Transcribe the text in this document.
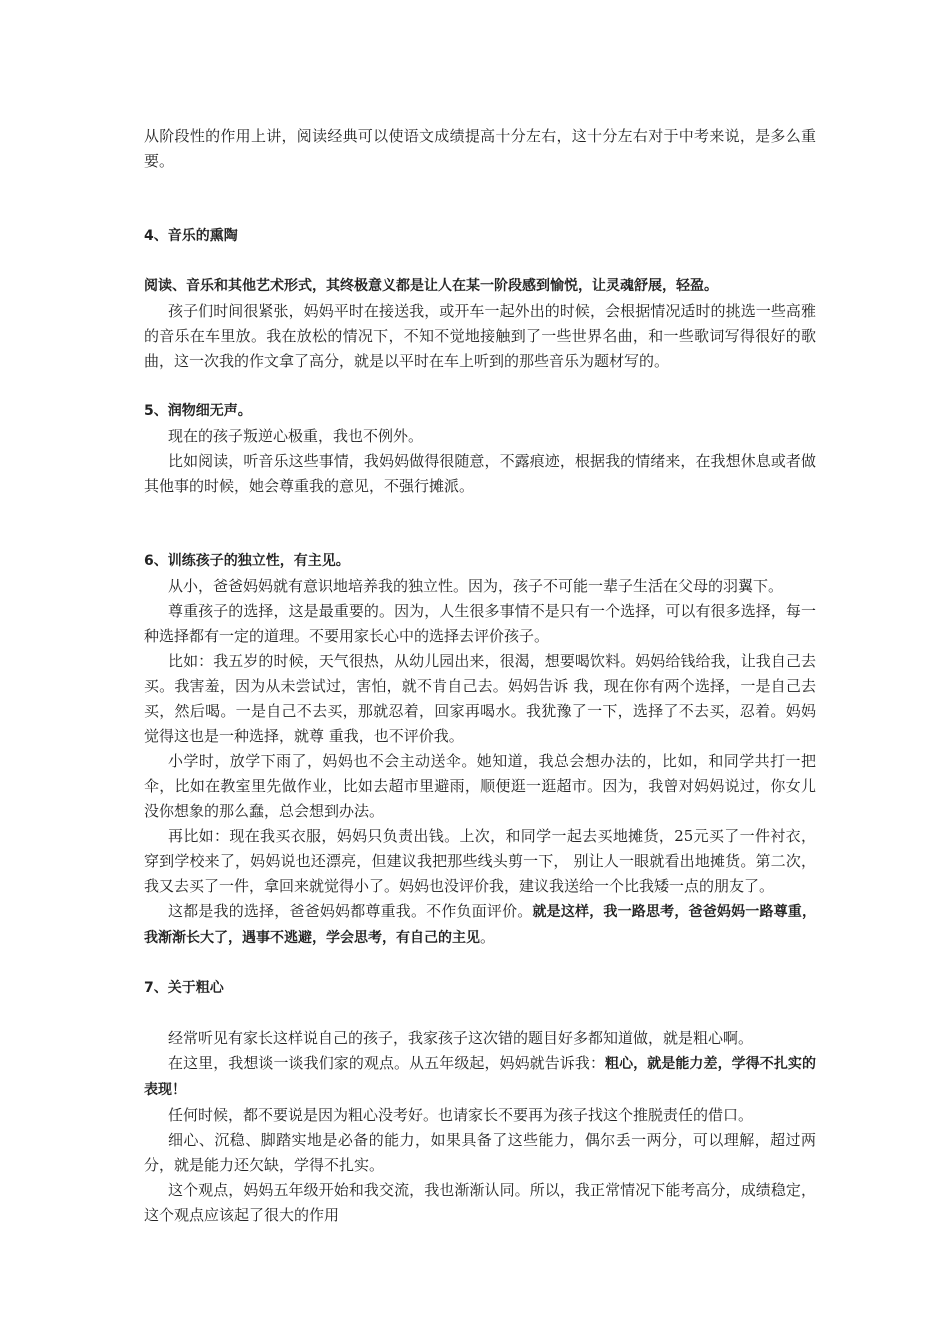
从阶段性的作用上讲，阅读经典可以使语文成绩提高十分左右，这十分左右对于中考来说，是多么重要。

4、音乐的熏陶

阅读、音乐和其他艺术形式，其终极意义都是让人在某一阶段感到愉悦，让灵魂舒展，轻盈。

孩子们时间很紧张，妈妈平时在接送我，或开车一起外出的时候，会根据情况适时的挑选一些高雅的音乐在车里放。我在放松的情况下，不知不觉地接触到了一些世界名曲，和一些歌词写得很好的歌曲，这一次我的作文拿了高分，就是以平时在车上听到的那些音乐为题材写的。

5、润物细无声。

现在的孩子叛逆心极重，我也不例外。

比如阅读，听音乐这些事情，我妈妈做得很随意，不露痕迹，根据我的情绪来，在我想休息或者做其他事的时候，她会尊重我的意见，不强行摊派。

6、训练孩子的独立性，有主见。

从小，爸爸妈妈就有意识地培养我的独立性。因为，孩子不可能一辈子生活在父母的羽翼下。

尊重孩子的选择，这是最重要的。因为，人生很多事情不是只有一个选择，可以有很多选择，每一种选择都有一定的道理。不要用家长心中的选择去评价孩子。

比如：我五岁的时候，天气很热，从幼儿园出来，很渴，想要喝饮料。妈妈给钱给我，让我自己去买。我害羞，因为从未尝试过，害怕，就不肯自己去。妈妈告诉 我，现在你有两个选择，一是自己去买，然后喝。一是自己不去买，那就忍着，回家再喝水。我犹豫了一下，选择了不去买，忍着。妈妈觉得这也是一种选择，就尊 重我，也不评价我。

小学时，放学下雨了，妈妈也不会主动送伞。她知道，我总会想办法的，比如，和同学共打一把伞，比如在教室里先做作业，比如去超市里避雨，顺便逛一逛超市。因为，我曾对妈妈说过，你女儿没你想象的那么蠢，总会想到办法。

再比如：现在我买衣服，妈妈只负责出钱。上次，和同学一起去买地摊货，25元买了一件衬衣，穿到学校来了，妈妈说也还漂亮，但建议我把那些线头剪一下， 别让人一眼就看出地摊货。第二次，我又去买了一件，拿回来就觉得小了。妈妈也没评价我，建议我送给一个比我矮一点的朋友了。

这都是我的选择，爸爸妈妈都尊重我。不作负面评价。就是这样，我一路思考，爸爸妈妈一路尊重，我渐渐长大了，遇事不逃避，学会思考，有自己的主见。

7、关于粗心

经常听见有家长这样说自己的孩子，我家孩子这次错的题目好多都知道做，就是粗心啊。

在这里，我想谈一谈我们家的观点。从五年级起，妈妈就告诉我：粗心，就是能力差，学得不扎实的表现！

任何时候，都不要说是因为粗心没考好。也请家长不要再为孩子找这个推脱责任的借口。

细心、沉稳、脚踏实地是必备的能力，如果具备了这些能力，偶尔丢一两分，可以理解，超过两分，就是能力还欠缺，学得不扎实。

这个观点，妈妈五年级开始和我交流，我也渐渐认同。所以，我正常情况下能考高分，成绩稳定，这个观点应该起了很大的作用
